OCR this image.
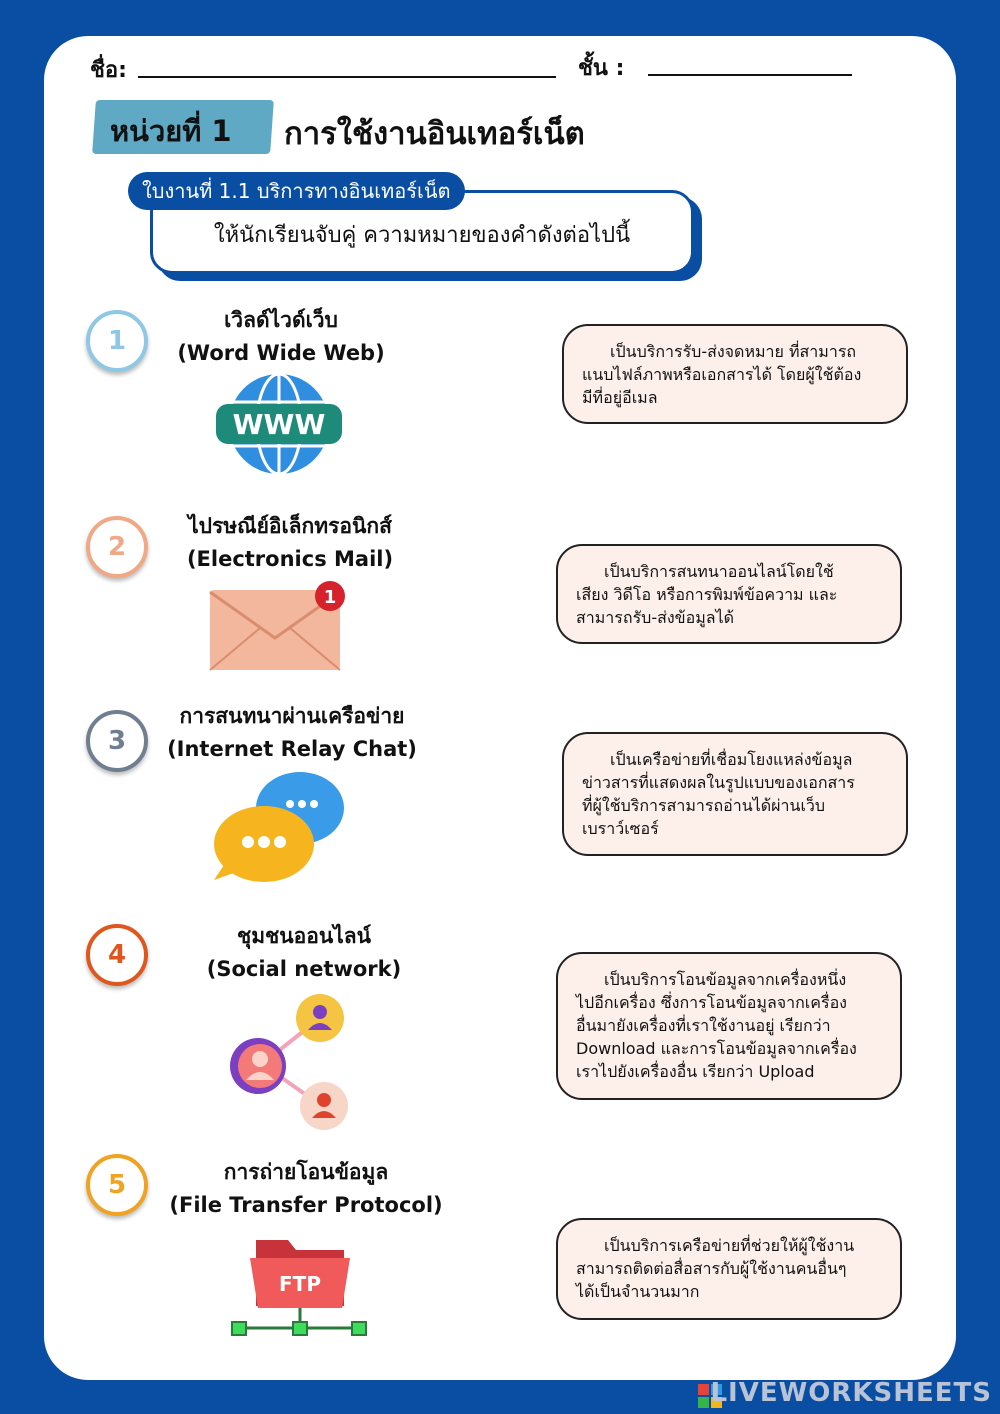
ชื่อ:	ชั้น :
หน่วยที่ 1 การใช้งานอินเทอร์เน็ต
ให้นักเรียนจับคู่ ความหมายของคำดังต่อไปนี้
ใบงานที่ 1.1 บริการทางอินเทอร์เน็ต
1
เวิลด์ไวด์เว็บ
(Word Wide Web)
WWW
2
ไปรษณีย์อิเล็กทรอนิกส์
(Electronics Mail)
1
3
การสนทนาผ่านเครือข่าย
(Internet Relay Chat)
4
ชุมชนออนไลน์
(Social network)
5	การถ่ายโอนข้อมูล
(File Transfer Protocol)
FTP
เป็นบริการรับ-ส่งจดหมาย ที่สามารถ
แนบไฟล์ภาพหรือเอกสารได้ โดยผู้ใช้ต้อง
มีที่อยู่อีเมล
เป็นบริการสนทนาออนไลน์โดยใช้
เสียง วิดีโอ หรือการพิมพ์ข้อความ และ
สามารถรับ-ส่งข้อมูลได้
เป็นเครือข่ายที่เชื่อมโยงแหล่งข้อมูล
ข่าวสารที่แสดงผลในรูปแบบของเอกสาร
ที่ผู้ใช้บริการสามารถอ่านได้ผ่านเว็บ
เบราว์เซอร์
เป็นบริการโอนข้อมูลจากเครื่องหนึ่ง
ไปอีกเครื่อง ซึ่งการโอนข้อมูลจากเครื่อง
อื่นมายังเครื่องที่เราใช้งานอยู่ เรียกว่า
Download และการโอนข้อมูลจากเครื่อง
เราไปยังเครื่องอื่น เรียกว่า Upload
เป็นบริการเครือข่ายที่ช่วยให้ผู้ใช้งาน
สามารถติดต่อสื่อสารกับผู้ใช้งานคนอื่นๆ
ได้เป็นจำนวนมาก
LIVEWORKSHEETS
